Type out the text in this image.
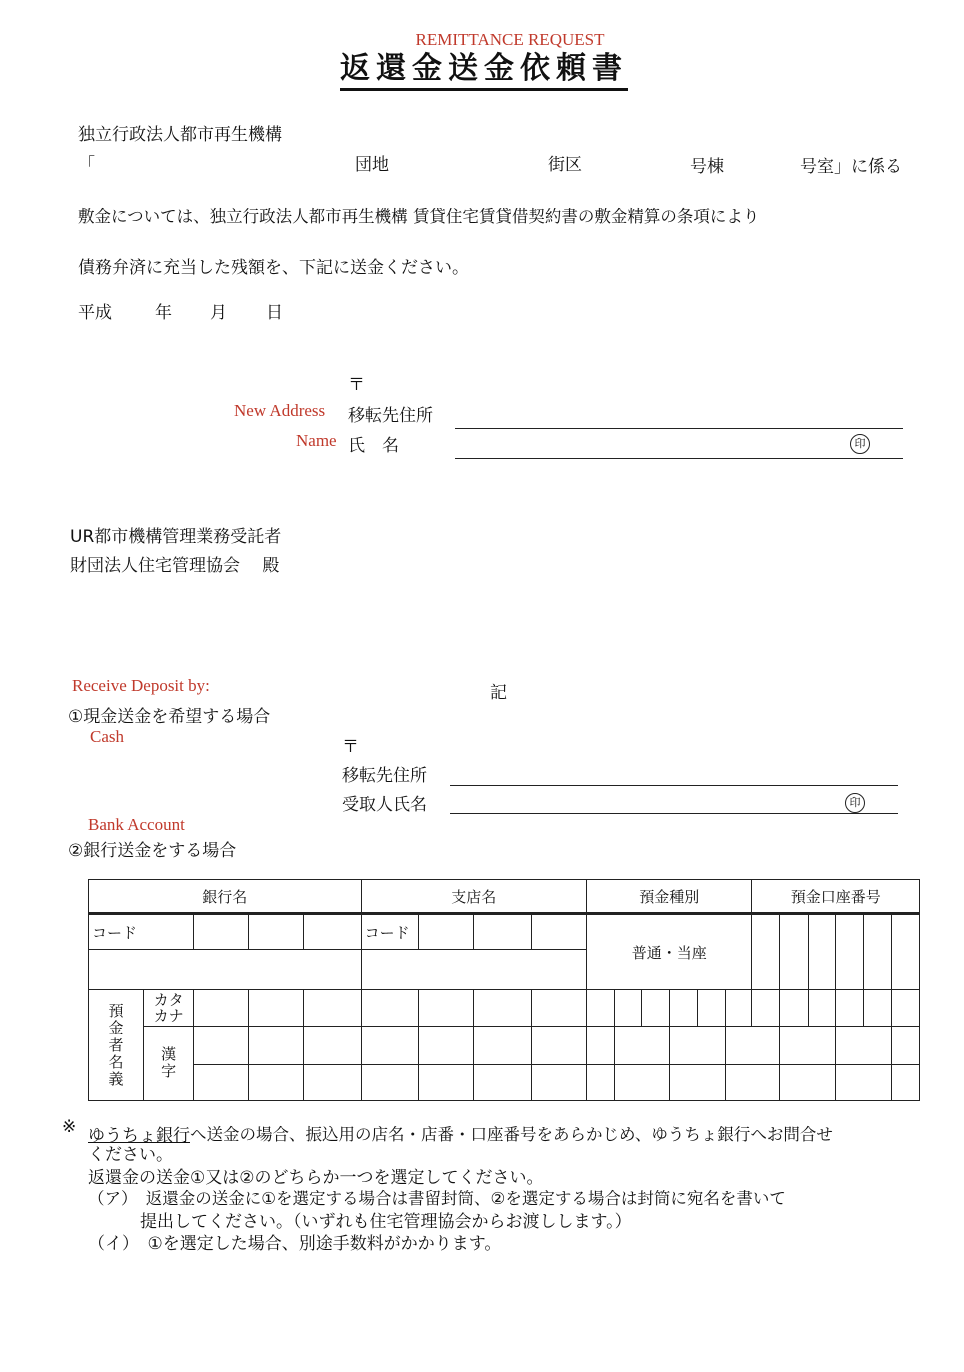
REMITTANCE REQUEST
返還金送金依頼書
独立行政法人都市再生機構
「	団地	街区	号棟	号室」に係る
敷金については、独立行政法人都市再生機構 賃貸住宅賃貸借契約書の敷金精算の条項により
債務弁済に充当した残額を、下記に送金ください。
平成	年 月 日
〒
New Address 移転先住所
Name 氏　名	印
UR都市機構管理業務受託者
財団法人住宅管理協会　 殿
Receive Deposit by:	記
①現金送金を希望する場合
Cash
〒
移転先住所
受取人氏名	印
Bank Account
②銀行送金をする場合
銀行名					支店名				預金種別						預金口座番号					
コード					コード				普通・当座											

預金者名義	カタカナ																			

	漢字																			

※ ゆうちょ銀行 へ送金の場合、振込用の店名・店番・口座番号をあらかじめ、ゆうちょ銀行へお問合せ
ください。
返還金の送金①又は②のどちらか一つを選定してください。
（ア）　返還金の送金に①を選定する場合は書留封筒、②を選定する場合は封筒に宛名を書いて
提出してください。（いずれも住宅管理協会からお渡しします。）
（イ）　①を選定した場合、別途手数料がかかります。
